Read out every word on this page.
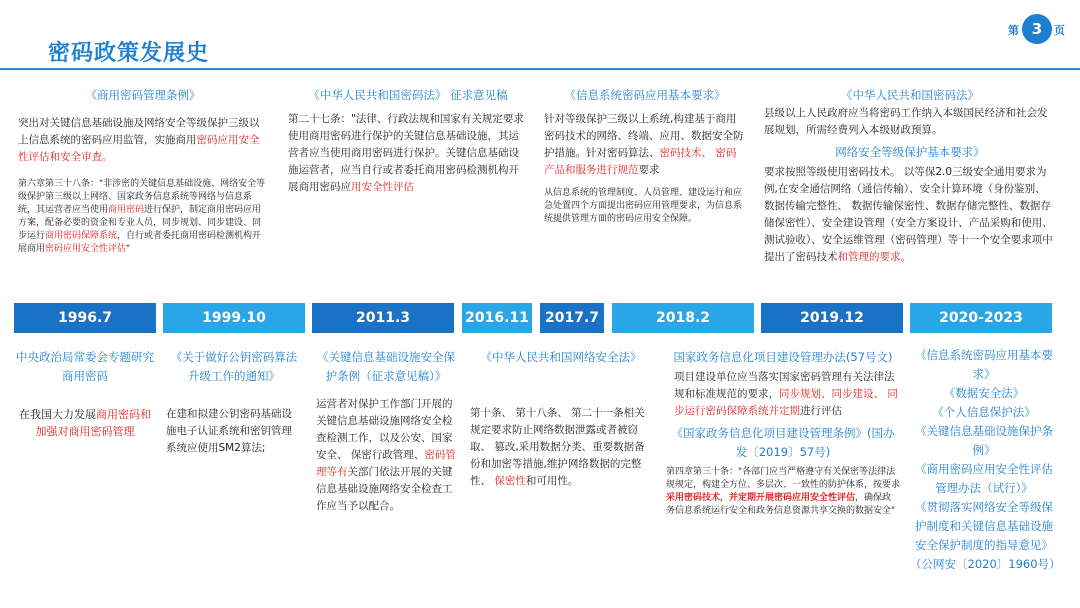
密码政策发展史
第 3	页
《商用密码管理条例》
突出对关键信息基础设施及网络安全等级保护三级以上信息系统的密码应用监管，实施商用密码应用安全性评估和安全审查。
第六章第三十八条："非涉密的关键信息基础设施、网络安全等级保护第三级以上网络、国家政务信息系统等网络与信息系统，其运营者应当使用商用密码进行保护，制定商用密码应用方案，配备必要的资金和专业人员，同步规划、同步建设、同步运行商用密码保障系统，自行或者委托商用密码检测机构开展商用密码应用安全性评估"
《中华人民共和国密码法》 征求意见稿
第二十七条："法律、行政法规和国家有关规定要求使用商用密码进行保护的关键信息基础设施，其运营者应当使用商用密码进行保护。关键信息基础设施运营者，应当自行或者委托商用密码检测机构开展商用密码应用安全性评估
《信息系统密码应用基本要求》
针对等级保护三级以上系统,构建基于商用密码技术的网络、终端、应用、数据安全防护措施。针对密码算法、密码技术、 密码产品和服务进行规范要求
从信息系统的管理制度、人员管理、建设运行和应急处置四个方面提出密码应用管理要求，为信息系统提供管理方面的密码应用安全保障。
《中华人民共和国密码法》
县级以上人民政府应当将密码工作纳入本级国民经济和社会发展规划，所需经费列入本级财政预算。
网络安全等级保护基本要求》
要求按照等级使用密码技术。 以等保2.0三级安全通用要求为例,在安全通信网络（通信传输）、安全计算环境（身份鉴别、数据传输完整性、 数据传输保密性、数据存储完整性、数据存储保密性）、安全建设管理（安全方案设计、产品采购和使用、 测试验收）、安全运维管理（密码管理）等十一个安全要求项中提出了密码技术和管理的要求。
1996.7	1999.10	2011.3	2016.11	2017.7	2018.2	2019.12	2020-2023
中央政治局常委会专题研究商用密码
在我国大力发展商用密码和加强对商用密码管理
《关于做好公钥密码算法升级工作的通知》
在建和拟建公钥密码基础设施电子认证系统和密钥管理系统应使用SM2算法;
《关键信息基础设施安全保护条例（征求意见稿）》
运营者对保护工作部门开展的关键信息基础设施网络安全检查检测工作，以及公安、国家安全、 保密行政管理、密码管理等有关部门依法开展的关键信息基础设施网络安全检查工作应当予以配合。
《中华人民共和国网络安全法》
第十条、 第十八条、 第二十一条相关规定要求防止网络数据泄露或者被窃取、 篡改,采用数据分类、重要数据备份和加密等措施,维护网络数据的完整性、 保密性和可用性。
国家政务信息化项目建设管理办法(57号文)
项目建设单位应当落实国家密码管理有关法律法规和标准规范的要求，同步规划、同步建设、 同步运行密码保障系统并定期进行评估
《国家政务信息化项目建设管理条例》(国办发〔2019〕57号)
第四章第三十条："各部门应当严格遵守有关保密等法律法规规定，构建全方位、多层次、一致性的防护体系，按要求采用密码技术，并定期开展密码应用安全性评估，确保政务信息系统运行安全和政务信息资源共享交换的数据安全"
《信息系统密码应用基本要求》
《数据安全法》
《个人信息保护法》
《关键信息基础设施保护条例》
《商用密码应用安全性评估管理办法（试行）》
《贯彻落实网络安全等级保护制度和关键信息基础设施安全保护制度的指导意见》（公网安〔2020〕1960号）
